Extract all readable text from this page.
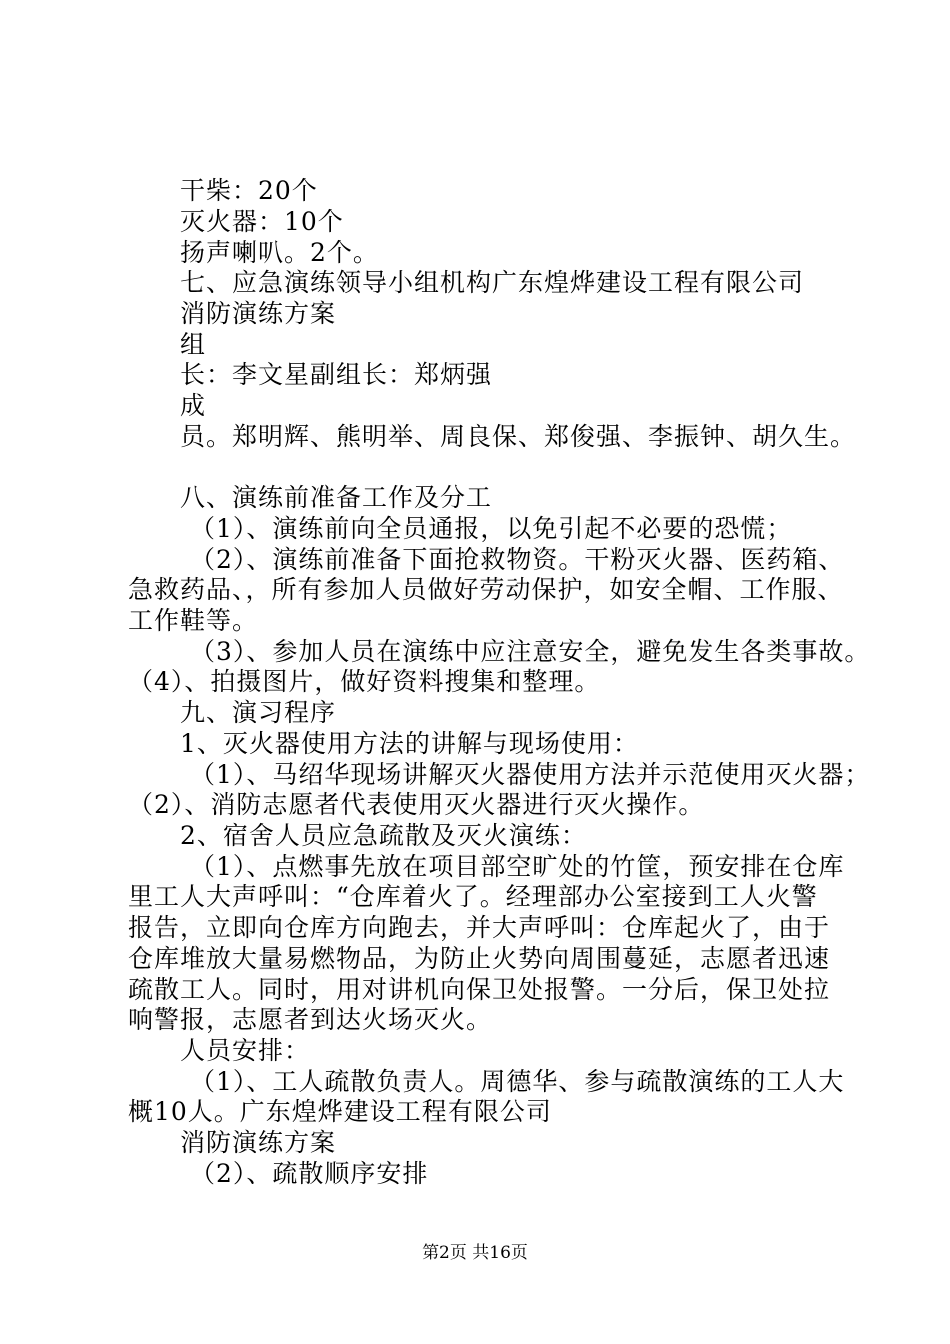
干柴：20个
灭火器：10个
扬声喇叭。2个。
七、应急演练领导小组机构广东煌烨建设工程有限公司
消防演练方案
组
长：李文星副组长：郑炳强
成
员。郑明辉、熊明举、周良保、郑俊强、李振钟、胡久生。
八、演练前准备工作及分工
（1）、演练前向全员通报，以免引起不必要的恐慌；
（2）、演练前准备下面抢救物资。干粉灭火器、医药箱、
急救药品、，所有参加人员做好劳动保护，如安全帽、工作服、
工作鞋等。
（3）、参加人员在演练中应注意安全，避免发生各类事故。
（4）、拍摄图片，做好资料搜集和整理。
九、演习程序
1、灭火器使用方法的讲解与现场使用：
（1）、马绍华现场讲解灭火器使用方法并示范使用灭火器；
（2）、消防志愿者代表使用灭火器进行灭火操作。
2、宿舍人员应急疏散及灭火演练：
（1）、点燃事先放在项目部空旷处的竹筐，预安排在仓库
里工人大声呼叫：“仓库着火了。经理部办公室接到工人火警
报告，立即向仓库方向跑去，并大声呼叫：仓库起火了，由于
仓库堆放大量易燃物品，为防止火势向周围蔓延，志愿者迅速
疏散工人。同时，用对讲机向保卫处报警。一分后，保卫处拉
响警报，志愿者到达火场灭火。
人员安排：
（1）、工人疏散负责人。周德华、参与疏散演练的工人大
概10人。广东煌烨建设工程有限公司
消防演练方案
（2）、疏散顺序安排
第2页 共16页
